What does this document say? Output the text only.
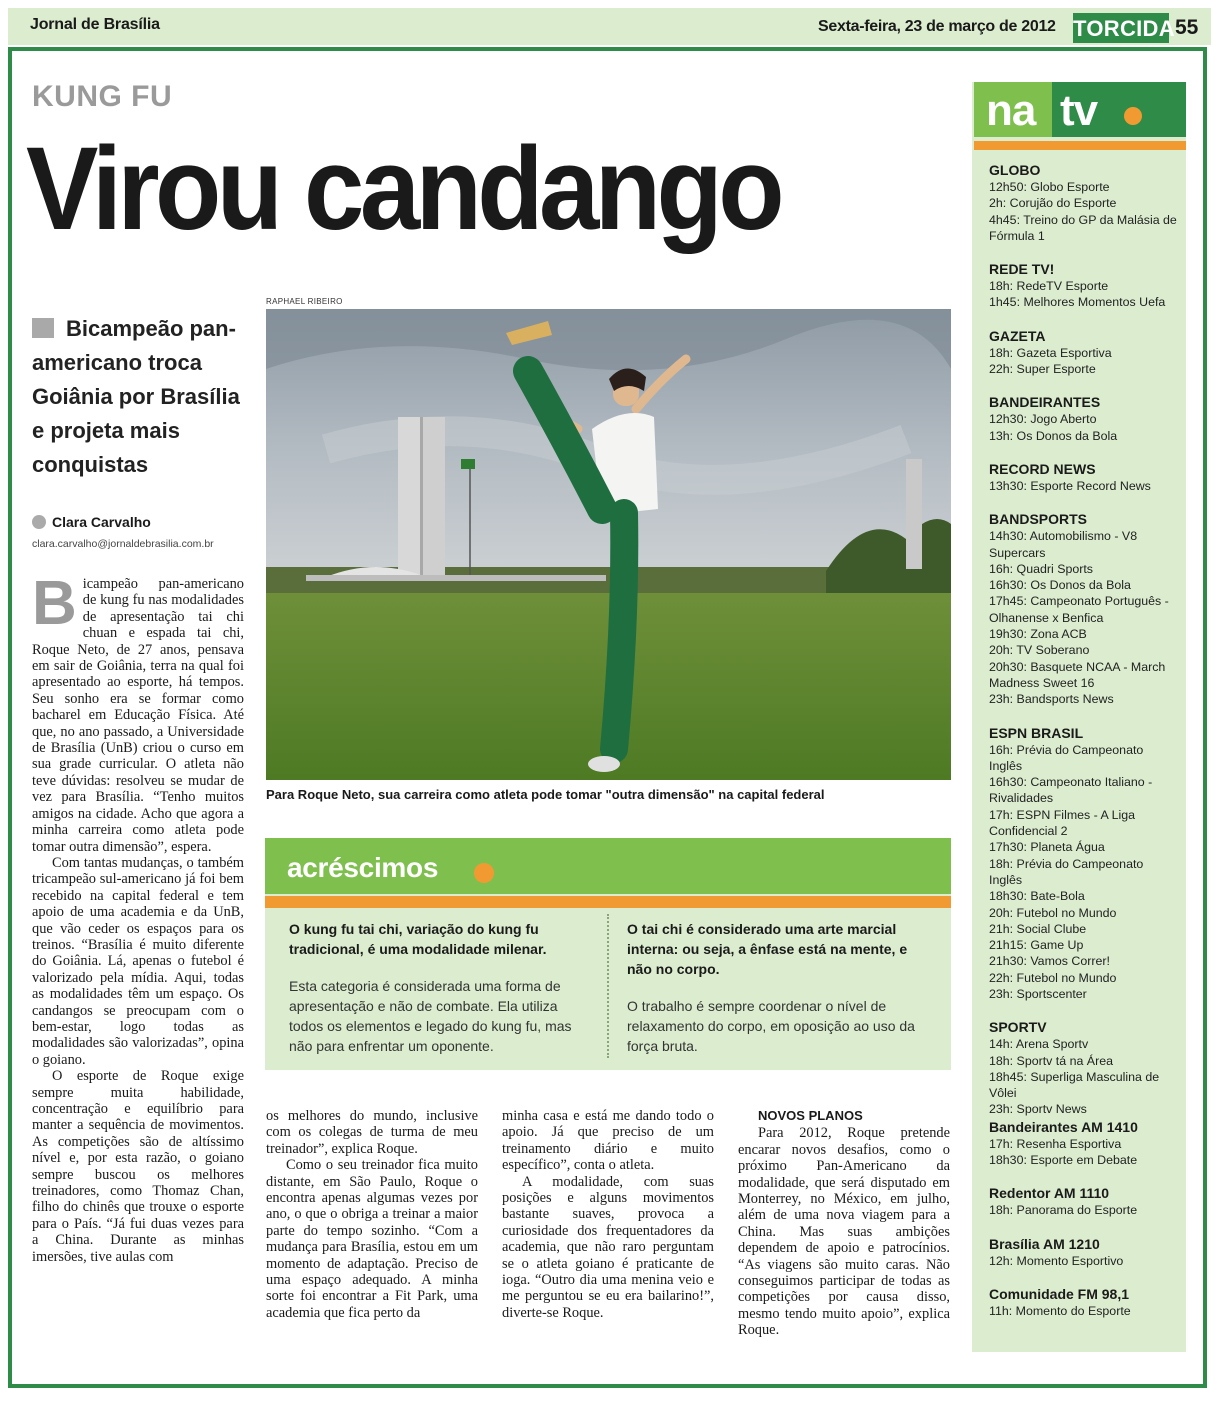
Jornal de Brasília	Sexta-feira, 23 de março de 2012 TORCIDA 55
KUNG FU
Virou candango
Bicampeão pan-americano troca Goiânia por Brasília e projeta mais conquistas
Clara Carvalho
clara.carvalho@jornaldebrasilia.com.br

Bicampeão pan-americano de kung fu nas modalidades de apresentação tai chi chuan e espada tai chi, Roque Neto, de 27 anos, pensava em sair de Goiânia, terra na qual foi apresentado ao esporte, há tempos. Seu sonho era se formar como bacharel em Educação Física. Até que, no ano passado, a Universidade de Brasília (UnB) criou o curso em sua grade curricular. O atleta não teve dúvidas: resolveu se mudar de vez para Brasília. “Tenho muitos amigos na cidade. Acho que agora a minha carreira como atleta pode tomar outra dimensão”, espera.

Com tantas mudanças, o também tricampeão sul-americano já foi bem recebido na capital federal e tem apoio de uma academia e da UnB, que vão ceder os espaços para os treinos. “Brasília é muito diferente do Goiânia. Lá, apenas o futebol é valorizado pela mídia. Aqui, todas as modalidades têm um espaço. Os candangos se preocupam com o bem-estar, logo todas as modalidades são valorizadas”, opina o goiano.

O esporte de Roque exige sempre muita habilidade, concentração e equilíbrio para manter a sequência de movimentos. As competições são de altíssimo nível e, por esta razão, o goiano sempre buscou os melhores treinadores, como Thomaz Chan, filho do chinês que trouxe o esporte para o País. “Já fui duas vezes para a China. Durante as minhas imersões, tive aulas com

RAPHAEL RIBEIRO
Para Roque Neto, sua carreira como atleta pode tomar "outra dimensão" na capital federal
acréscimos
O kung fu tai chi, variação do kung fu tradicional, é uma modalidade milenar.
Esta categoria é considerada uma forma de apresentação e não de combate. Ela utiliza todos os elementos e legado do kung fu, mas não para enfrentar um oponente.
O tai chi é considerado uma arte marcial interna: ou seja, a ênfase está na mente, e não no corpo.
O trabalho é sempre coordenar o nível de relaxamento do corpo, em oposição ao uso da força bruta.

os melhores do mundo, inclusive com os colegas de turma de meu treinador”, explica Roque.

Como o seu treinador fica muito distante, em São Paulo, Roque o encontra apenas algumas vezes por ano, o que o obriga a treinar a maior parte do tempo sozinho. “Com a mudança para Brasília, estou em um momento de adaptação. Preciso de uma espaço adequado. A minha sorte foi encontrar a Fit Park, uma academia que fica perto da

minha casa e está me dando todo o apoio. Já que preciso de um treinamento diário e muito específico”, conta o atleta.

A modalidade, com suas posições e alguns movimentos bastante suaves, provoca a curiosidade dos frequentadores da academia, que não raro perguntam se o atleta goiano é praticante de ioga. “Outro dia uma menina veio e me perguntou se eu era bailarino!”, diverte-se Roque.

NOVOS PLANOS

Para 2012, Roque pretende encarar novos desafios, como o próximo Pan-Americano da modalidade, que será disputado em Monterrey, no México, em julho, além de uma nova viagem para a China. Mas suas ambições dependem de apoio e patrocínios. “As viagens são muito caras. Não conseguimos participar de todas as competições por causa disso, mesmo tendo muito apoio”, explica Roque.

na tv
GLOBO
12h50: Globo Esporte
2h: Corujão do Esporte
4h45: Treino do GP da Malásia de Fórmula 1
REDE TV!
18h: RedeTV Esporte
1h45: Melhores Momentos Uefa
GAZETA
18h: Gazeta Esportiva
22h: Super Esporte
BANDEIRANTES
12h30: Jogo Aberto
13h: Os Donos da Bola
RECORD NEWS
13h30: Esporte Record News
BANDSPORTS
14h30: Automobilismo - V8 Supercars
16h: Quadri Sports
16h30: Os Donos da Bola
17h45: Campeonato Português - Olhanense x Benfica
19h30: Zona ACB
20h: TV Soberano
20h30: Basquete NCAA - March Madness Sweet 16
23h: Bandsports News
ESPN BRASIL
16h: Prévia do Campeonato Inglês
16h30: Campeonato Italiano - Rivalidades
17h: ESPN Filmes - A Liga Confidencial 2
17h30: Planeta Água
18h: Prévia do Campeonato Inglês
18h30: Bate-Bola
20h: Futebol no Mundo
21h: Social Clube
21h15: Game Up
21h30: Vamos Correr!
22h: Futebol no Mundo
23h: Sportscenter
SPORTV
14h: Arena Sportv
18h: Sportv tá na Área
18h45: Superliga Masculina de Vôlei
23h: Sportv News
Bandeirantes AM 1410
17h: Resenha Esportiva
18h30: Esporte em Debate
Redentor AM 1110
18h: Panorama do Esporte
Brasília AM 1210
12h: Momento Esportivo
Comunidade FM 98,1
11h: Momento do Esporte
